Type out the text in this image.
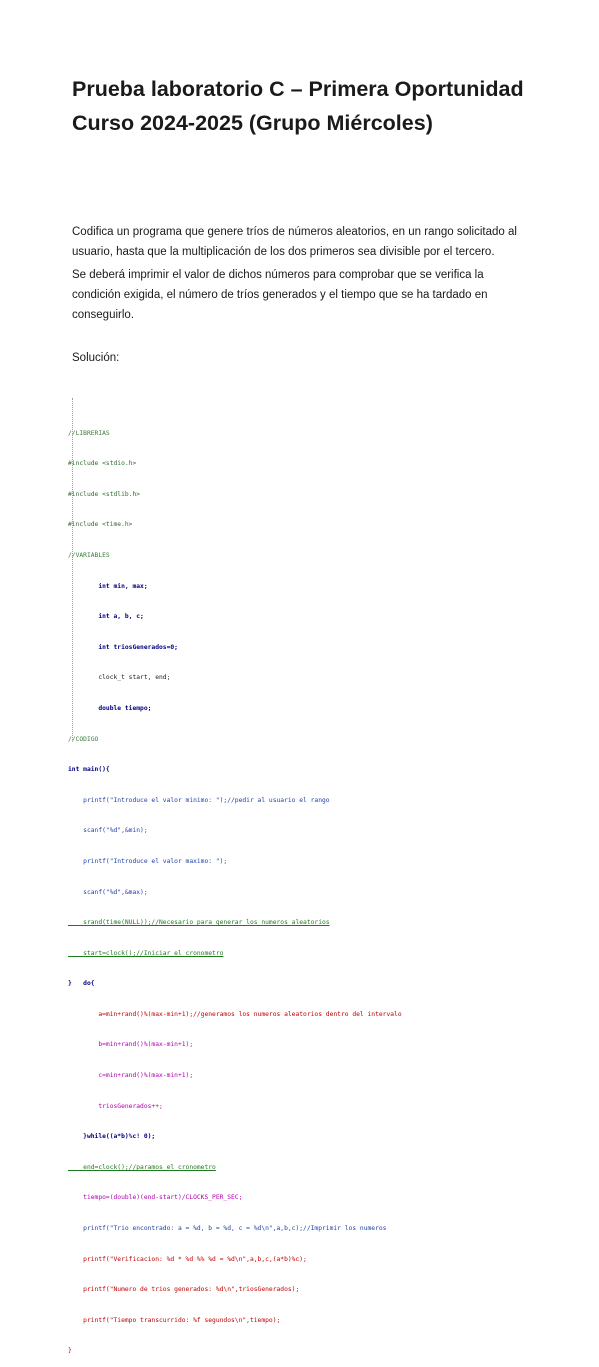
Prueba laboratorio C – Primera Oportunidad Curso 2024-2025 (Grupo Miércoles)

Codifica un programa que genere tríos de números aleatorios, en un rango solicitado al usuario, hasta que la multiplicación de los dos primeros sea divisible por el tercero.

Se deberá imprimir el valor de dichos números para comprobar que se verifica la condición exigida, el número de tríos generados y el tiempo que se ha tardado en conseguirlo.

Solución:

//LIBRERIAS

#include <stdio.h>

#include <stdlib.h>

#include <time.h>

//VARIABLES

int min, max;

int a, b, c;

int triosGenerados=0;

clock_t start, end;

double tiempo;

//CODIGO

int main(){

printf("Introduce el valor minimo: ");//pedir al usuario el rango

scanf("%d",&min);

printf("Introduce el valor maximo: ");

scanf("%d",&max);

srand(time(NULL));//Necesario para generar los numeros aleatorios

start=clock();//Iniciar el cronometro

}   do{

a=min+rand()%(max-min+1);//generamos los numeros aleatorios dentro del intervalo

b=min+rand()%(max-min+1);

c=min+rand()%(max-min+1);

triosGenerados++;

}while((a*b)%c! 0);

end=clock();//paramos el cronometro

tiempo=(double)(end-start)/CLOCKS_PER_SEC;

printf("Trio encontrado: a = %d, b = %d, c = %d\n",a,b,c);//Imprimir los numeros

printf("Verificacion: %d * %d %% %d = %d\n",a,b,c,(a*b)%c);

printf("Numero de trios generados: %d\n",triosGenerados);

printf("Tiempo transcurrido: %f segundos\n",tiempo);

}
